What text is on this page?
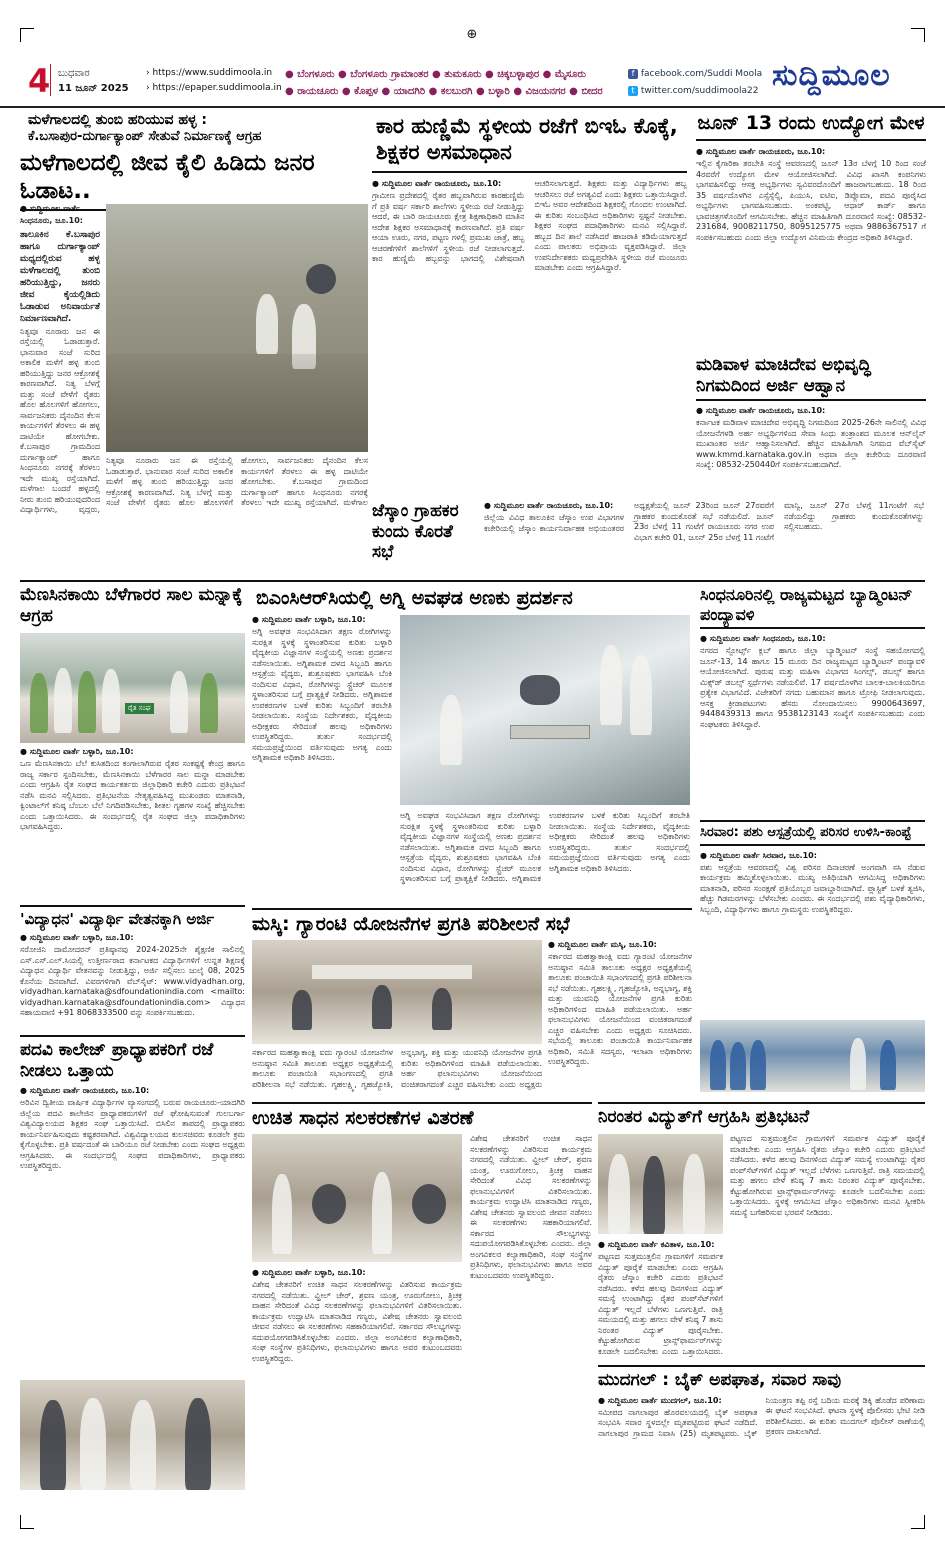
⊕
4 ಬುಧವಾರ
11 ಜೂನ್ 2025
› https://www.suddimoola.in
› https://epaper.suddimoola.in
● ಬೆಂಗಳೂರು ● ಬೆಂಗಳೂರು ಗ್ರಾಮಾಂತರ ● ತುಮಕೂರು ● ಚಿಕ್ಕಬಳ್ಳಾಪುರ ● ಮೈಸೂರು
● ರಾಯಚೂರು ● ಕೊಪ್ಪಳ ● ಯಾದಗಿರಿ ● ಕಲಬುರಗಿ ● ಬಳ್ಳಾರಿ ● ವಿಜಯನಗರ ● ಬೀದರ
f facebook.com/Suddi Moola
t twitter.com/suddimoola22 ಸುದ್ದಿಮೂಲ
ಮಳೆಗಾಲದಲ್ಲಿ ತುಂಬಿ ಹರಿಯುವ ಹಳ್ಳ :
ಕೆ.ಬಸಾಪುರ-ದುರ್ಗಾಕ್ಯಾಂಪ್ ಸೇತುವೆ ನಿರ್ಮಾಣಕ್ಕೆ ಆಗ್ರಹ
ಮಳೆಗಾಲದಲ್ಲಿ ಜೀವ ಕೈಲಿ ಹಿಡಿದು ಜನರ ಓಡಾಟ..
● ಸುದ್ದಿಮೂಲ ವಾರ್ತೆ
ಸಿಂಧನೂರು, ಜೂ.10:
ತಾಲೂಕಿನ ಕೆ.ಬಸಾಪುರ ಹಾಗೂ ದುರ್ಗಾಕ್ಯಾಂಪ್ ಮಧ್ಯದಲ್ಲಿರುವ ಹಳ್ಳ ಮಳೆಗಾಲದಲ್ಲಿ ತುಂಬಿ ಹರಿಯುತ್ತಿದ್ದು, ಜನರು ಜೀವ ಕೈಯಲ್ಲಿಡಿದು ಓಡಾಡುವ ಅನಿವಾರ್ಯತೆ ನಿರ್ಮಾಣವಾಗಿದೆ.
ನಿತ್ಯವೂ ನೂರಾರು ಜನ ಈ ರಸ್ತೆಯಲ್ಲಿ ಓಡಾಡುತ್ತಾರೆ. ಭಾನುವಾರ ಸಂಜೆ ಸುರಿದ ಅಕಾಲಿಕ ಮಳೆಗೆ ಹಳ್ಳ ತುಂಬಿ ಹರಿಯುತ್ತಿದ್ದು ಜನರ ಆಕ್ರೋಶಕ್ಕೆ ಕಾರಣವಾಗಿದೆ. ನಿತ್ಯ ಬೆಳಗ್ಗೆ ಮತ್ತು ಸಂಜೆ ವೇಳೆಗೆ ರೈತರು ಹೊಲ ಹೊಲಗಳಿಗೆ ಹೋಗಲು, ಸಾರ್ವಜನಿಕರು ದೈನಂದಿನ ಕೆಲಸ ಕಾರ್ಯಗಳಿಗೆ ತೆರಳಲು ಈ ಹಳ್ಳ ದಾಟಿಯೇ ಹೋಗಬೇಕು. ಕೆ.ಬಸಾಪುರ ಗ್ರಾಮದಿಂದ ದುರ್ಗಾಕ್ಯಾಂಪ್ ಹಾಗೂ ಸಿಂಧನೂರು ನಗರಕ್ಕೆ ತೆರಳಲು ಇದೇ ಮುಖ್ಯ ರಸ್ತೆಯಾಗಿದೆ. ಮಳೆಗಾಲ ಬಂದರೆ ಹಳ್ಳದಲ್ಲಿ ನೀರು ತುಂಬಿ ಹರಿಯುವುದರಿಂದ ವಿದ್ಯಾರ್ಥಿಗಳು, ವೃದ್ಧರು,
ನಿತ್ಯವೂ ನೂರಾರು ಜನ ಈ ರಸ್ತೆಯಲ್ಲಿ ಓಡಾಡುತ್ತಾರೆ. ಭಾನುವಾರ ಸಂಜೆ ಸುರಿದ ಅಕಾಲಿಕ ಮಳೆಗೆ ಹಳ್ಳ ತುಂಬಿ ಹರಿಯುತ್ತಿದ್ದು ಜನರ ಆಕ್ರೋಶಕ್ಕೆ ಕಾರಣವಾಗಿದೆ. ನಿತ್ಯ ಬೆಳಗ್ಗೆ ಮತ್ತು ಸಂಜೆ ವೇಳೆಗೆ ರೈತರು ಹೊಲ ಹೊಲಗಳಿಗೆ ಹೋಗಲು, ಸಾರ್ವಜನಿಕರು ದೈನಂದಿನ ಕೆಲಸ ಕಾರ್ಯಗಳಿಗೆ ತೆರಳಲು ಈ ಹಳ್ಳ ದಾಟಿಯೇ ಹೋಗಬೇಕು. ಕೆ.ಬಸಾಪುರ ಗ್ರಾಮದಿಂದ ದುರ್ಗಾಕ್ಯಾಂಪ್ ಹಾಗೂ ಸಿಂಧನೂರು ನಗರಕ್ಕೆ ತೆರಳಲು ಇದೇ ಮುಖ್ಯ ರಸ್ತೆಯಾಗಿದೆ. ಮಳೆಗಾಲ
ಕಾರ ಹುಣ್ಣಿಮೆ ಸ್ಥಳೀಯ ರಜೆಗೆ ಬಿಇಓ ಕೊಕ್ಕೆ, ಶಿಕ್ಷಕರ ಅಸಮಾಧಾನ
● ಸುದ್ದಿಮೂಲ ವಾರ್ತೆ ರಾಯಚೂರು, ಜೂ.10:
ಗ್ರಾಮೀಣ ಪ್ರದೇಶದಲ್ಲಿ ರೈತರ ಹಬ್ಬವಾಗಿರುವ ಕಾರಹುಣ್ಣಿಮೆ ಗೆ ಪ್ರತಿ ವರ್ಷ ಸರ್ಕಾರಿ ಶಾಲೆಗಳು ಸ್ಥಳೀಯ ರಜೆ ನೀಡುತ್ತಿದ್ದು ಆದರೆ, ಈ ಬಾರಿ ರಾಯಚೂರು ಕ್ಷೇತ್ರ ಶಿಕ್ಷಣಾಧಿಕಾರಿ ಮಾತಿನ ಆದೇಶ ಶಿಕ್ಷಕರ ಅಸಮಾಧಾನಕ್ಕೆ ಕಾರಣವಾಗಿದೆ. ಪ್ರತಿ ವರ್ಷ ಆಯಾ ಊರು, ನಗರ, ಪಟ್ಟಣ ಗಳಲ್ಲಿ ಪ್ರಮುಖ ಜಾತ್ರೆ, ಹಬ್ಬ ಆಚರಣೆಗಳಿಗೆ ಶಾಲೆಗಳಿಗೆ ಸ್ಥಳೀಯ ರಜೆ ನೀಡಲಾಗುತ್ತದೆ. ಕಾರ ಹುಣ್ಣಿಮೆ ಹಬ್ಬವನ್ನು ಭಾಗದಲ್ಲಿ ವಿಶೇಷವಾಗಿ ಆಚರಿಸಲಾಗುತ್ತದೆ. ಶಿಕ್ಷಕರು ಮತ್ತು ವಿದ್ಯಾರ್ಥಿಗಳು ಹಬ್ಬ ಆಚರಿಸಲು ರಜೆ ಅಗತ್ಯವಿದೆ ಎಂದು ಶಿಕ್ಷಕರು ಒತ್ತಾಯಿಸಿದ್ದಾರೆ. ಬಿಇಓ ಅವರ ಆದೇಶದಿಂದ ಶಿಕ್ಷಕರಲ್ಲಿ ಗೊಂದಲ ಉಂಟಾಗಿದೆ. ಈ ಕುರಿತು ಸಂಬಂಧಿಸಿದ ಅಧಿಕಾರಿಗಳು ಸ್ಪಷ್ಟನೆ ನೀಡಬೇಕು. ಶಿಕ್ಷಕರ ಸಂಘದ ಪದಾಧಿಕಾರಿಗಳು ಮನವಿ ಸಲ್ಲಿಸಿದ್ದಾರೆ. ಹಬ್ಬದ ದಿನ ಶಾಲೆ ನಡೆಸಿದರೆ ಹಾಜರಾತಿ ಕಡಿಮೆಯಾಗುತ್ತದೆ ಎಂದು ಪಾಲಕರು ಅಭಿಪ್ರಾಯ ವ್ಯಕ್ತಪಡಿಸಿದ್ದಾರೆ. ಜಿಲ್ಲಾ ಉಪನಿರ್ದೇಶಕರು ಮಧ್ಯಪ್ರವೇಶಿಸಿ ಸ್ಥಳೀಯ ರಜೆ ಮಂಜೂರು ಮಾಡಬೇಕು ಎಂದು ಆಗ್ರಹಿಸಿದ್ದಾರೆ.
ಜೂನ್ 13 ರಂದು ಉದ್ಯೋಗ ಮೇಳ
● ಸುದ್ದಿಮೂಲ ವಾರ್ತೆ ರಾಯಚೂರು, ಜೂ.10:
ಇಲ್ಲಿನ ಕೈಗಾರಿಕಾ ತರಬೇತಿ ಸಂಸ್ಥೆ ಆವರಣದಲ್ಲಿ ಜೂನ್ 13ರ ಬೆಳಗ್ಗೆ 10 ರಿಂದ ಸಂಜೆ 4ರವರೆಗೆ ಉದ್ಯೋಗ ಮೇಳ ಆಯೋಜಿಸಲಾಗಿದೆ. ವಿವಿಧ ಖಾಸಗಿ ಕಂಪನಿಗಳು ಭಾಗವಹಿಸಲಿದ್ದು ಆಸಕ್ತ ಅಭ್ಯರ್ಥಿಗಳು ಸ್ವವಿವರದೊಂದಿಗೆ ಹಾಜರಾಗಬಹುದು. 18 ರಿಂದ 35 ವರ್ಷದೊಳಗಿನ ಎಸ್ಸೆಸ್ಸೆಲ್ಸಿ, ಪಿಯುಸಿ, ಐಟಿಐ, ಡಿಪ್ಲೊಮಾ, ಪದವಿ ಪೂರೈಸಿದ ಅಭ್ಯರ್ಥಿಗಳು ಭಾಗವಹಿಸಬಹುದು. ಅಂಕಪಟ್ಟಿ, ಆಧಾರ್ ಕಾರ್ಡ್ ಹಾಗೂ ಭಾವಚಿತ್ರಗಳೊಂದಿಗೆ ಆಗಮಿಸಬೇಕು. ಹೆಚ್ಚಿನ ಮಾಹಿತಿಗಾಗಿ ದೂರವಾಣಿ ಸಂಖ್ಯೆ: 08532-231684, 9008211750, 8095125775 ಅಥವಾ 9886367517 ಗೆ ಸಂಪರ್ಕಿಸಬಹುದು ಎಂದು ಜಿಲ್ಲಾ ಉದ್ಯೋಗ ವಿನಿಮಯ ಕೇಂದ್ರದ ಅಧಿಕಾರಿ ತಿಳಿಸಿದ್ದಾರೆ.
ಮಡಿವಾಳ ಮಾಚಿದೇವ ಅಭಿವೃದ್ಧಿ ನಿಗಮದಿಂದ ಅರ್ಜಿ ಆಹ್ವಾನ
● ಸುದ್ದಿಮೂಲ ವಾರ್ತೆ ರಾಯಚೂರು, ಜೂ.10:
ಕರ್ನಾಟಕ ಮಡಿವಾಳ ಮಾಚಿದೇವ ಅಭಿವೃದ್ಧಿ ನಿಗಮದಿಂದ 2025-26ನೇ ಸಾಲಿನಲ್ಲಿ ವಿವಿಧ ಯೋಜನೆಗಳಡಿ ಅರ್ಹ ಅಭ್ಯರ್ಥಿಗಳಿಂದ ಸೇವಾ ಸಿಂಧು ತಂತ್ರಾಂಶದ ಮೂಲಕ ಆನ್‌ಲೈನ್ ಮುಖಾಂತರ ಅರ್ಜಿ ಆಹ್ವಾನಿಸಲಾಗಿದೆ. ಹೆಚ್ಚಿನ ಮಾಹಿತಿಗಾಗಿ ನಿಗಮದ ವೆಬ್‌ಸೈಟ್ www.kmmd.karnataka.gov.in ಅಥವಾ ಜಿಲ್ಲಾ ಕಚೇರಿಯ ದೂರವಾಣಿ ಸಂಖ್ಯೆ: 08532-250440ಗೆ ಸಂಪರ್ಕಿಸಬಹುದಾಗಿದೆ.
ಜೆಸ್ಕಾಂ ಗ್ರಾಹಕರ ಕುಂದು ಕೊರತೆ ಸಭೆ
● ಸುದ್ದಿಮೂಲ ವಾರ್ತೆ ರಾಯಚೂರು, ಜೂ.10:
ಜಿಲ್ಲೆಯ ವಿವಿಧ ತಾಲೂಕಿನ ಜೆಸ್ಕಾಂ ಉಪ ವಿಭಾಗಗಳ ಕಚೇರಿಯಲ್ಲಿ ಜೆಸ್ಕಾಂ ಕಾರ್ಯನಿರ್ವಾಹಕ ಅಭಿಯಂತರರ ಅಧ್ಯಕ್ಷತೆಯಲ್ಲಿ ಜೂನ್ 23ರಿಂದ ಜೂನ್ 27ರವರೆಗೆ ಗ್ರಾಹಕರ ಕುಂದುಕೊರತೆ ಸಭೆ ನಡೆಯಲಿದೆ. ಜೂನ್ 23ರ ಬೆಳಗ್ಗೆ 11 ಗಂಟೆಗೆ ರಾಯಚೂರು ನಗರ ಉಪ ವಿಭಾಗ ಕಚೇರಿ 01, ಜೂನ್ 25ರ ಬೆಳಗ್ಗೆ 11 ಗಂಟೆಗೆ ಮಾನ್ವಿ, ಜೂನ್ 27ರ ಬೆಳಗ್ಗೆ 11ಗಂಟೆಗೆ ಸಭೆ ನಡೆಯಲಿದ್ದು ಗ್ರಾಹಕರು ಕುಂದುಕೊರತೆಗಳನ್ನು ಸಲ್ಲಿಸಬಹುದು.
ಮೆಣಸಿನಕಾಯಿ ಬೆಳೆಗಾರರ ಸಾಲ ಮನ್ನಾಕ್ಕೆ ಆಗ್ರಹ
ರೈತ ಸಂಘ
● ಸುದ್ದಿಮೂಲ ವಾರ್ತೆ ಬಳ್ಳಾರಿ, ಜೂ.10:
ಒಣ ಮೆಣಸಿನಕಾಯಿ ಬೆಲೆ ಕುಸಿತದಿಂದ ಕಂಗಾಲಾಗಿರುವ ರೈತರ ಸಂಕಷ್ಟಕ್ಕೆ ಕೇಂದ್ರ ಹಾಗೂ ರಾಜ್ಯ ಸರ್ಕಾರ ಸ್ಪಂದಿಸಬೇಕು, ಮೆಣಸಿನಕಾಯಿ ಬೆಳೆಗಾರರ ಸಾಲ ಮನ್ನಾ ಮಾಡಬೇಕು ಎಂದು ಆಗ್ರಹಿಸಿ ರೈತ ಸಂಘದ ಕಾರ್ಯಕರ್ತರು ಜಿಲ್ಲಾಧಿಕಾರಿ ಕಚೇರಿ ಎದುರು ಪ್ರತಿಭಟನೆ ನಡೆಸಿ ಮನವಿ ಸಲ್ಲಿಸಿದರು. ಪ್ರತಿಭಟನೆಯ ನೇತೃತ್ವವಹಿಸಿದ್ದ ಮುಖಂಡರು ಮಾತನಾಡಿ, ಕ್ವಿಂಟಾಲ್‌ಗೆ ಕನಿಷ್ಠ ಬೆಂಬಲ ಬೆಲೆ ನಿಗದಿಪಡಿಸಬೇಕು, ಶೀತಲ ಗೃಹಗಳ ಸಂಖ್ಯೆ ಹೆಚ್ಚಿಸಬೇಕು ಎಂದು ಒತ್ತಾಯಿಸಿದರು. ಈ ಸಂದರ್ಭದಲ್ಲಿ ರೈತ ಸಂಘದ ಜಿಲ್ಲಾ ಪದಾಧಿಕಾರಿಗಳು ಭಾಗವಹಿಸಿದ್ದರು.
ಬಿಎಂಸಿಆರ್‌ಸಿಯಲ್ಲಿ ಅಗ್ನಿ ಅವಘಡ ಅಣಕು ಪ್ರದರ್ಶನ
● ಸುದ್ದಿಮೂಲ ವಾರ್ತೆ ಬಳ್ಳಾರಿ, ಜೂ.10:
ಅಗ್ನಿ ಅವಘಡ ಸಂಭವಿಸಿದಾಗ ತಕ್ಷಣ ರೋಗಿಗಳನ್ನು ಸುರಕ್ಷಿತ ಸ್ಥಳಕ್ಕೆ ಸ್ಥಳಾಂತರಿಸುವ ಕುರಿತು ಬಳ್ಳಾರಿ ವೈದ್ಯಕೀಯ ವಿಜ್ಞಾನಗಳ ಸಂಸ್ಥೆಯಲ್ಲಿ ಅಣಕು ಪ್ರದರ್ಶನ ನಡೆಸಲಾಯಿತು. ಅಗ್ನಿಶಾಮಕ ದಳದ ಸಿಬ್ಬಂದಿ ಹಾಗೂ ಆಸ್ಪತ್ರೆಯ ವೈದ್ಯರು, ಶುಶ್ರೂಷಕರು ಭಾಗವಹಿಸಿ ಬೆಂಕಿ ನಂದಿಸುವ ವಿಧಾನ, ರೋಗಿಗಳನ್ನು ಸ್ಟ್ರೆಚರ್ ಮೂಲಕ ಸ್ಥಳಾಂತರಿಸುವ ಬಗ್ಗೆ ಪ್ರಾತ್ಯಕ್ಷಿಕೆ ನೀಡಿದರು. ಅಗ್ನಿಶಾಮಕ ಉಪಕರಣಗಳ ಬಳಕೆ ಕುರಿತು ಸಿಬ್ಬಂದಿಗೆ ತರಬೇತಿ ನೀಡಲಾಯಿತು. ಸಂಸ್ಥೆಯ ನಿರ್ದೇಶಕರು, ವೈದ್ಯಕೀಯ ಅಧೀಕ್ಷಕರು ಸೇರಿದಂತೆ ಹಲವು ಅಧಿಕಾರಿಗಳು ಉಪಸ್ಥಿತರಿದ್ದರು. ತುರ್ತು ಸಂದರ್ಭದಲ್ಲಿ ಸಮಯಪ್ರಜ್ಞೆಯಿಂದ ವರ್ತಿಸುವುದು ಅಗತ್ಯ ಎಂದು ಅಗ್ನಿಶಾಮಕ ಅಧಿಕಾರಿ ತಿಳಿಸಿದರು.
ಅಗ್ನಿ ಅವಘಡ ಸಂಭವಿಸಿದಾಗ ತಕ್ಷಣ ರೋಗಿಗಳನ್ನು ಸುರಕ್ಷಿತ ಸ್ಥಳಕ್ಕೆ ಸ್ಥಳಾಂತರಿಸುವ ಕುರಿತು ಬಳ್ಳಾರಿ ವೈದ್ಯಕೀಯ ವಿಜ್ಞಾನಗಳ ಸಂಸ್ಥೆಯಲ್ಲಿ ಅಣಕು ಪ್ರದರ್ಶನ ನಡೆಸಲಾಯಿತು. ಅಗ್ನಿಶಾಮಕ ದಳದ ಸಿಬ್ಬಂದಿ ಹಾಗೂ ಆಸ್ಪತ್ರೆಯ ವೈದ್ಯರು, ಶುಶ್ರೂಷಕರು ಭಾಗವಹಿಸಿ ಬೆಂಕಿ ನಂದಿಸುವ ವಿಧಾನ, ರೋಗಿಗಳನ್ನು ಸ್ಟ್ರೆಚರ್ ಮೂಲಕ ಸ್ಥಳಾಂತರಿಸುವ ಬಗ್ಗೆ ಪ್ರಾತ್ಯಕ್ಷಿಕೆ ನೀಡಿದರು. ಅಗ್ನಿಶಾಮಕ ಉಪಕರಣಗಳ ಬಳಕೆ ಕುರಿತು ಸಿಬ್ಬಂದಿಗೆ ತರಬೇತಿ ನೀಡಲಾಯಿತು. ಸಂಸ್ಥೆಯ ನಿರ್ದೇಶಕರು, ವೈದ್ಯಕೀಯ ಅಧೀಕ್ಷಕರು ಸೇರಿದಂತೆ ಹಲವು ಅಧಿಕಾರಿಗಳು ಉಪಸ್ಥಿತರಿದ್ದರು. ತುರ್ತು ಸಂದರ್ಭದಲ್ಲಿ ಸಮಯಪ್ರಜ್ಞೆಯಿಂದ ವರ್ತಿಸುವುದು ಅಗತ್ಯ ಎಂದು ಅಗ್ನಿಶಾಮಕ ಅಧಿಕಾರಿ ತಿಳಿಸಿದರು.
ಸಿಂಧನೂರಿನಲ್ಲಿ ರಾಜ್ಯಮಟ್ಟದ ಬ್ಯಾಡ್ಮಿಂಟನ್ ಪಂದ್ಯಾವಳಿ
● ಸುದ್ದಿಮೂಲ ವಾರ್ತೆ ಸಿಂಧನೂರು, ಜೂ.10:
ನಗರದ ಸ್ಪೋರ್ಟ್ಸ್ ಕ್ಲಬ್ ಹಾಗೂ ಜಿಲ್ಲಾ ಬ್ಯಾಡ್ಮಿಂಟನ್ ಸಂಸ್ಥೆ ಸಹಯೋಗದಲ್ಲಿ ಜೂನ್-13, 14 ಹಾಗೂ 15 ಮೂರು ದಿನ ರಾಜ್ಯಮಟ್ಟದ ಬ್ಯಾಡ್ಮಿಂಟನ್ ಪಂದ್ಯಾವಳಿ ಆಯೋಜಿಸಲಾಗಿದೆ. ಪುರುಷ ಮತ್ತು ಮಹಿಳಾ ವಿಭಾಗದ ಸಿಂಗಲ್ಸ್, ಡಬಲ್ಸ್ ಹಾಗೂ ಮಿಕ್ಸ್‌ಡ್ ಡಬಲ್ಸ್ ಸ್ಪರ್ಧೆಗಳು ನಡೆಯಲಿವೆ. 17 ವರ್ಷದೊಳಗಿನ ಬಾಲಕ-ಬಾಲಕಿಯರಿಗೂ ಪ್ರತ್ಯೇಕ ವಿಭಾಗವಿದೆ. ವಿಜೇತರಿಗೆ ನಗದು ಬಹುಮಾನ ಹಾಗೂ ಟ್ರೋಫಿ ನೀಡಲಾಗುವುದು. ಆಸಕ್ತ ಕ್ರೀಡಾಪಟುಗಳು ಹೆಸರು ನೋಂದಾಯಿಸಲು 9900643697, 9448439313 ಹಾಗೂ 9538123143 ಸಂಖ್ಯೆಗೆ ಸಂಪರ್ಕಿಸಬಹುದು ಎಂದು ಸಂಘಟಕರು ತಿಳಿಸಿದ್ದಾರೆ.
ಸಿರವಾರ: ಪಶು ಆಸ್ಪತ್ರೆಯಲ್ಲಿ ಪರಿಸರ ಉಳಿಸಿ-ಕಾಂಪ್ಟೆ
● ಸುದ್ದಿಮೂಲ ವಾರ್ತೆ ಸಿರವಾರ, ಜೂ.10:
ಪಶು ಆಸ್ಪತ್ರೆಯ ಆವರಣದಲ್ಲಿ ವಿಶ್ವ ಪರಿಸರ ದಿನಾಚರಣೆ ಅಂಗವಾಗಿ ಸಸಿ ನೆಡುವ ಕಾರ್ಯಕ್ರಮ ಹಮ್ಮಿಕೊಳ್ಳಲಾಯಿತು. ಮುಖ್ಯ ಅತಿಥಿಯಾಗಿ ಆಗಮಿಸಿದ್ದ ಅಧಿಕಾರಿಗಳು ಮಾತನಾಡಿ, ಪರಿಸರ ಸಂರಕ್ಷಣೆ ಪ್ರತಿಯೊಬ್ಬರ ಜವಾಬ್ದಾರಿಯಾಗಿದೆ. ಪ್ಲಾಸ್ಟಿಕ್ ಬಳಕೆ ತ್ಯಜಿಸಿ, ಹೆಚ್ಚು ಗಿಡಮರಗಳನ್ನು ಬೆಳೆಸಬೇಕು ಎಂದರು. ಈ ಸಂದರ್ಭದಲ್ಲಿ ಪಶು ವೈದ್ಯಾಧಿಕಾರಿಗಳು, ಸಿಬ್ಬಂದಿ, ವಿದ್ಯಾರ್ಥಿಗಳು ಹಾಗೂ ಗ್ರಾಮಸ್ಥರು ಉಪಸ್ಥಿತರಿದ್ದರು.
'ವಿದ್ಯಾಧನ' ವಿದ್ಯಾರ್ಥಿ ವೇತನಕ್ಕಾಗಿ ಅರ್ಜಿ
● ಸುದ್ದಿಮೂಲ ವಾರ್ತೆ ಬಳ್ಳಾರಿ, ಜೂ.10:
ಸರೋಜಿನಿ ದಾಮೋದರನ್ ಪ್ರತಿಷ್ಠಾನವು 2024-2025ನೇ ಶೈಕ್ಷಣಿಕ ಸಾಲಿನಲ್ಲಿ ಎಸ್.ಎಸ್.ಎಲ್.ಸಿಯಲ್ಲಿ ಉತ್ತೀರ್ಣರಾದ ಕರ್ನಾಟಕದ ವಿದ್ಯಾರ್ಥಿಗಳಿಗೆ ಉನ್ನತ ಶಿಕ್ಷಣಕ್ಕೆ ವಿದ್ಯಾಧನ ವಿದ್ಯಾರ್ಥಿ ವೇತನವನ್ನು ನೀಡುತ್ತಿದ್ದು, ಅರ್ಜಿ ಸಲ್ಲಿಸಲು ಜುಲೈ 08, 2025 ಕೊನೆಯ ದಿನವಾಗಿದೆ. ವಿವರಗಳಿಗಾಗಿ ವೆಬ್‌ಸೈಟ್: www.vidyadhan.org, vidyadhan.karnataka@sdfoundationindia.com <mailto: vidyadhan.karnataka@sdfoundationindia.com> ವಿದ್ಯಾಧನ ಸಹಾಯವಾಣಿ +91 8068333500 ವನ್ನು ಸಂಪರ್ಕಿಸಬಹುದು.
ಮಸ್ಕಿ: ಗ್ಯಾರಂಟಿ ಯೋಜನೆಗಳ ಪ್ರಗತಿ ಪರಿಶೀಲನೆ ಸಭೆ
● ಸುದ್ದಿಮೂಲ ವಾರ್ತೆ ಮಸ್ಕಿ, ಜೂ.10:
ಸರ್ಕಾರದ ಮಹತ್ವಾಕಾಂಕ್ಷಿ ಐದು ಗ್ಯಾರಂಟಿ ಯೋಜನೆಗಳ ಅನುಷ್ಠಾನ ಸಮಿತಿ ತಾಲೂಕು ಅಧ್ಯಕ್ಷರ ಅಧ್ಯಕ್ಷತೆಯಲ್ಲಿ ತಾಲೂಕು ಪಂಚಾಯಿತಿ ಸಭಾಂಗಣದಲ್ಲಿ ಪ್ರಗತಿ ಪರಿಶೀಲನಾ ಸಭೆ ನಡೆಯಿತು. ಗೃಹಲಕ್ಷ್ಮಿ, ಗೃಹಜ್ಯೋತಿ, ಅನ್ನಭಾಗ್ಯ, ಶಕ್ತಿ ಮತ್ತು ಯುವನಿಧಿ ಯೋಜನೆಗಳ ಪ್ರಗತಿ ಕುರಿತು ಅಧಿಕಾರಿಗಳಿಂದ ಮಾಹಿತಿ ಪಡೆಯಲಾಯಿತು. ಅರ್ಹ ಫಲಾನುಭವಿಗಳು ಯೋಜನೆಯಿಂದ ವಂಚಿತರಾಗದಂತೆ ಎಚ್ಚರ ವಹಿಸಬೇಕು ಎಂದು ಅಧ್ಯಕ್ಷರು ಸೂಚಿಸಿದರು. ಸಭೆಯಲ್ಲಿ ತಾಲೂಕು ಪಂಚಾಯಿತಿ ಕಾರ್ಯನಿರ್ವಾಹಕ ಅಧಿಕಾರಿ, ಸಮಿತಿ ಸದಸ್ಯರು, ಇಲಾಖಾ ಅಧಿಕಾರಿಗಳು ಉಪಸ್ಥಿತರಿದ್ದರು.
ಸರ್ಕಾರದ ಮಹತ್ವಾಕಾಂಕ್ಷಿ ಐದು ಗ್ಯಾರಂಟಿ ಯೋಜನೆಗಳ ಅನುಷ್ಠಾನ ಸಮಿತಿ ತಾಲೂಕು ಅಧ್ಯಕ್ಷರ ಅಧ್ಯಕ್ಷತೆಯಲ್ಲಿ ತಾಲೂಕು ಪಂಚಾಯಿತಿ ಸಭಾಂಗಣದಲ್ಲಿ ಪ್ರಗತಿ ಪರಿಶೀಲನಾ ಸಭೆ ನಡೆಯಿತು. ಗೃಹಲಕ್ಷ್ಮಿ, ಗೃಹಜ್ಯೋತಿ, ಅನ್ನಭಾಗ್ಯ, ಶಕ್ತಿ ಮತ್ತು ಯುವನಿಧಿ ಯೋಜನೆಗಳ ಪ್ರಗತಿ ಕುರಿತು ಅಧಿಕಾರಿಗಳಿಂದ ಮಾಹಿತಿ ಪಡೆಯಲಾಯಿತು. ಅರ್ಹ ಫಲಾನುಭವಿಗಳು ಯೋಜನೆಯಿಂದ ವಂಚಿತರಾಗದಂತೆ ಎಚ್ಚರ ವಹಿಸಬೇಕು ಎಂದು ಅಧ್ಯಕ್ಷರು
ಪದವಿ ಕಾಲೇಜ್ ಪ್ರಾಧ್ಯಾಪಕರಿಗೆ ರಜೆ ನೀಡಲು ಒತ್ತಾಯ
● ಸುದ್ದಿಮೂಲ ವಾರ್ತೆ ರಾಯಚೂರು, ಜೂ.10:
ಅರಿವಿನ ದ್ವಿತೀಯ ವಾರ್ಷಿಕ ವಿದ್ಯಾರ್ಥಿಗಳ ವ್ಯಾಸಂಗದಲ್ಲಿ ಬರುವ ರಾಯಚೂರು-ಯಾದಗಿರಿ ಜಿಲ್ಲೆಯ ಪದವಿ ಕಾಲೇಜಿನ ಪ್ರಾಧ್ಯಾಪಕರುಗಳಿಗೆ ರಜೆ ಘೋಷಿಸುವಂತೆ ಗುಲಬರ್ಗಾ ವಿಶ್ವವಿದ್ಯಾಲಯದ ಶಿಕ್ಷಕರ ಸಂಘ ಒತ್ತಾಯಿಸಿದೆ. ಬಿಸಿಲಿನ ತಾಪದಲ್ಲಿ ಪ್ರಾಧ್ಯಾಪಕರು ಕಾರ್ಯನಿರ್ವಹಿಸುವುದು ಕಷ್ಟಕರವಾಗಿದೆ. ವಿಶ್ವವಿದ್ಯಾಲಯದ ಕುಲಸಚಿವರು ಕೂಡಲೇ ಕ್ರಮ ಕೈಗೊಳ್ಳಬೇಕು. ಪ್ರತಿ ವರ್ಷದಂತೆ ಈ ಬಾರಿಯೂ ರಜೆ ನೀಡಬೇಕು ಎಂದು ಸಂಘದ ಅಧ್ಯಕ್ಷರು ಆಗ್ರಹಿಸಿದರು. ಈ ಸಂದರ್ಭದಲ್ಲಿ ಸಂಘದ ಪದಾಧಿಕಾರಿಗಳು, ಪ್ರಾಧ್ಯಾಪಕರು ಉಪಸ್ಥಿತರಿದ್ದರು.
ಉಚಿತ ಸಾಧನ ಸಲಕರಣೆಗಳ ವಿತರಣೆ
● ಸುದ್ದಿಮೂಲ ವಾರ್ತೆ ಬಳ್ಳಾರಿ, ಜೂ.10:
ವಿಶೇಷ ಚೇತನರಿಗೆ ಉಚಿತ ಸಾಧನ ಸಲಕರಣೆಗಳನ್ನು ವಿತರಿಸುವ ಕಾರ್ಯಕ್ರಮ ನಗರದಲ್ಲಿ ನಡೆಯಿತು. ವ್ಹೀಲ್ ಚೇರ್, ಶ್ರವಣ ಯಂತ್ರ, ಊರುಗೋಲು, ತ್ರಿಚಕ್ರ ವಾಹನ ಸೇರಿದಂತೆ ವಿವಿಧ ಸಲಕರಣೆಗಳನ್ನು ಫಲಾನುಭವಿಗಳಿಗೆ ವಿತರಿಸಲಾಯಿತು. ಕಾರ್ಯಕ್ರಮ ಉದ್ಘಾಟಿಸಿ ಮಾತನಾಡಿದ ಗಣ್ಯರು, ವಿಶೇಷ ಚೇತನರು ಸ್ವಾವಲಂಬಿ ಜೀವನ ನಡೆಸಲು ಈ ಸಲಕರಣೆಗಳು ಸಹಕಾರಿಯಾಗಲಿವೆ. ಸರ್ಕಾರದ ಸೌಲಭ್ಯಗಳನ್ನು ಸದುಪಯೋಗಪಡಿಸಿಕೊಳ್ಳಬೇಕು ಎಂದರು. ಜಿಲ್ಲಾ ಅಂಗವಿಕಲರ ಕಲ್ಯಾಣಾಧಿಕಾರಿ, ಸಂಘ ಸಂಸ್ಥೆಗಳ ಪ್ರತಿನಿಧಿಗಳು, ಫಲಾನುಭವಿಗಳು ಹಾಗೂ ಅವರ ಕುಟುಂಬದವರು ಉಪಸ್ಥಿತರಿದ್ದರು.
ವಿಶೇಷ ಚೇತನರಿಗೆ ಉಚಿತ ಸಾಧನ ಸಲಕರಣೆಗಳನ್ನು ವಿತರಿಸುವ ಕಾರ್ಯಕ್ರಮ ನಗರದಲ್ಲಿ ನಡೆಯಿತು. ವ್ಹೀಲ್ ಚೇರ್, ಶ್ರವಣ ಯಂತ್ರ, ಊರುಗೋಲು, ತ್ರಿಚಕ್ರ ವಾಹನ ಸೇರಿದಂತೆ ವಿವಿಧ ಸಲಕರಣೆಗಳನ್ನು ಫಲಾನುಭವಿಗಳಿಗೆ ವಿತರಿಸಲಾಯಿತು. ಕಾರ್ಯಕ್ರಮ ಉದ್ಘಾಟಿಸಿ ಮಾತನಾಡಿದ ಗಣ್ಯರು, ವಿಶೇಷ ಚೇತನರು ಸ್ವಾವಲಂಬಿ ಜೀವನ ನಡೆಸಲು ಈ ಸಲಕರಣೆಗಳು ಸಹಕಾರಿಯಾಗಲಿವೆ. ಸರ್ಕಾರದ ಸೌಲಭ್ಯಗಳನ್ನು ಸದುಪಯೋಗಪಡಿಸಿಕೊಳ್ಳಬೇಕು ಎಂದರು. ಜಿಲ್ಲಾ ಅಂಗವಿಕಲರ ಕಲ್ಯಾಣಾಧಿಕಾರಿ, ಸಂಘ ಸಂಸ್ಥೆಗಳ ಪ್ರತಿನಿಧಿಗಳು, ಫಲಾನುಭವಿಗಳು ಹಾಗೂ ಅವರ ಕುಟುಂಬದವರು ಉಪಸ್ಥಿತರಿದ್ದರು.
ನಿರಂತರ ವಿದ್ಯುತ್‌ಗೆ ಆಗ್ರಹಿಸಿ ಪ್ರತಿಭಟನೆ
● ಸುದ್ದಿಮೂಲ ವಾರ್ತೆ ಕವಿತಾಳ, ಜೂ.10:
ಪಟ್ಟಣದ ಸುತ್ತಮುತ್ತಲಿನ ಗ್ರಾಮಗಳಿಗೆ ಸಮರ್ಪಕ ವಿದ್ಯುತ್ ಪೂರೈಕೆ ಮಾಡಬೇಕು ಎಂದು ಆಗ್ರಹಿಸಿ ರೈತರು ಜೆಸ್ಕಾಂ ಕಚೇರಿ ಎದುರು ಪ್ರತಿಭಟನೆ ನಡೆಸಿದರು. ಕಳೆದ ಹಲವು ದಿನಗಳಿಂದ ವಿದ್ಯುತ್ ಸಮಸ್ಯೆ ಉಂಟಾಗಿದ್ದು ರೈತರ ಪಂಪ್‌ಸೆಟ್‌ಗಳಿಗೆ ವಿದ್ಯುತ್ ಇಲ್ಲದೆ ಬೆಳೆಗಳು ಒಣಗುತ್ತಿವೆ. ರಾತ್ರಿ ಸಮಯದಲ್ಲಿ ಮತ್ತು ಹಗಲು ವೇಳೆ ಕನಿಷ್ಠ 7 ತಾಸು ನಿರಂತರ ವಿದ್ಯುತ್ ಪೂರೈಸಬೇಕು. ಕೆಟ್ಟುಹೋಗಿರುವ ಟ್ರಾನ್ಸ್‌ಫಾರ್ಮರ್‌ಗಳನ್ನು ಕೂಡಲೇ ಬದಲಿಸಬೇಕು ಎಂದು ಒತ್ತಾಯಿಸಿದರು.
ಪಟ್ಟಣದ ಸುತ್ತಮುತ್ತಲಿನ ಗ್ರಾಮಗಳಿಗೆ ಸಮರ್ಪಕ ವಿದ್ಯುತ್ ಪೂರೈಕೆ ಮಾಡಬೇಕು ಎಂದು ಆಗ್ರಹಿಸಿ ರೈತರು ಜೆಸ್ಕಾಂ ಕಚೇರಿ ಎದುರು ಪ್ರತಿಭಟನೆ ನಡೆಸಿದರು. ಕಳೆದ ಹಲವು ದಿನಗಳಿಂದ ವಿದ್ಯುತ್ ಸಮಸ್ಯೆ ಉಂಟಾಗಿದ್ದು ರೈತರ ಪಂಪ್‌ಸೆಟ್‌ಗಳಿಗೆ ವಿದ್ಯುತ್ ಇಲ್ಲದೆ ಬೆಳೆಗಳು ಒಣಗುತ್ತಿವೆ. ರಾತ್ರಿ ಸಮಯದಲ್ಲಿ ಮತ್ತು ಹಗಲು ವೇಳೆ ಕನಿಷ್ಠ 7 ತಾಸು ನಿರಂತರ ವಿದ್ಯುತ್ ಪೂರೈಸಬೇಕು. ಕೆಟ್ಟುಹೋಗಿರುವ ಟ್ರಾನ್ಸ್‌ಫಾರ್ಮರ್‌ಗಳನ್ನು ಕೂಡಲೇ ಬದಲಿಸಬೇಕು ಎಂದು ಒತ್ತಾಯಿಸಿದರು. ಸ್ಥಳಕ್ಕೆ ಆಗಮಿಸಿದ ಜೆಸ್ಕಾಂ ಅಧಿಕಾರಿಗಳು ಮನವಿ ಸ್ವೀಕರಿಸಿ ಸಮಸ್ಯೆ ಬಗೆಹರಿಸುವ ಭರವಸೆ ನೀಡಿದರು.
ಮುದಗಲ್ : ಬೈಕ್ ಅಪಘಾತ, ಸವಾರ ಸಾವು
● ಸುದ್ದಿಮೂಲ ವಾರ್ತೆ ಮುದಗಲ್, ಜೂ.10:
ಸಮೀಪದ ನಾಗಲಾಪುರ ಹೊರವಲಯದಲ್ಲಿ ಬೈಕ್ ಅಪಘಾತ ಸಂಭವಿಸಿ ಸವಾರ ಸ್ಥಳದಲ್ಲೇ ಮೃತಪಟ್ಟಿರುವ ಘಟನೆ ನಡೆದಿದೆ. ನಾಗಲಾಪುರ ಗ್ರಾಮದ ನಿವಾಸಿ (25) ಮೃತಪಟ್ಟವರು. ಬೈಕ್ ನಿಯಂತ್ರಣ ತಪ್ಪಿ ರಸ್ತೆ ಬದಿಯ ಮರಕ್ಕೆ ಡಿಕ್ಕಿ ಹೊಡೆದ ಪರಿಣಾಮ ಈ ಘಟನೆ ಸಂಭವಿಸಿದೆ. ಘಟನಾ ಸ್ಥಳಕ್ಕೆ ಪೊಲೀಸರು ಭೇಟಿ ನೀಡಿ ಪರಿಶೀಲಿಸಿದರು. ಈ ಕುರಿತು ಮುದಗಲ್ ಪೊಲೀಸ್ ಠಾಣೆಯಲ್ಲಿ ಪ್ರಕರಣ ದಾಖಲಾಗಿದೆ.
